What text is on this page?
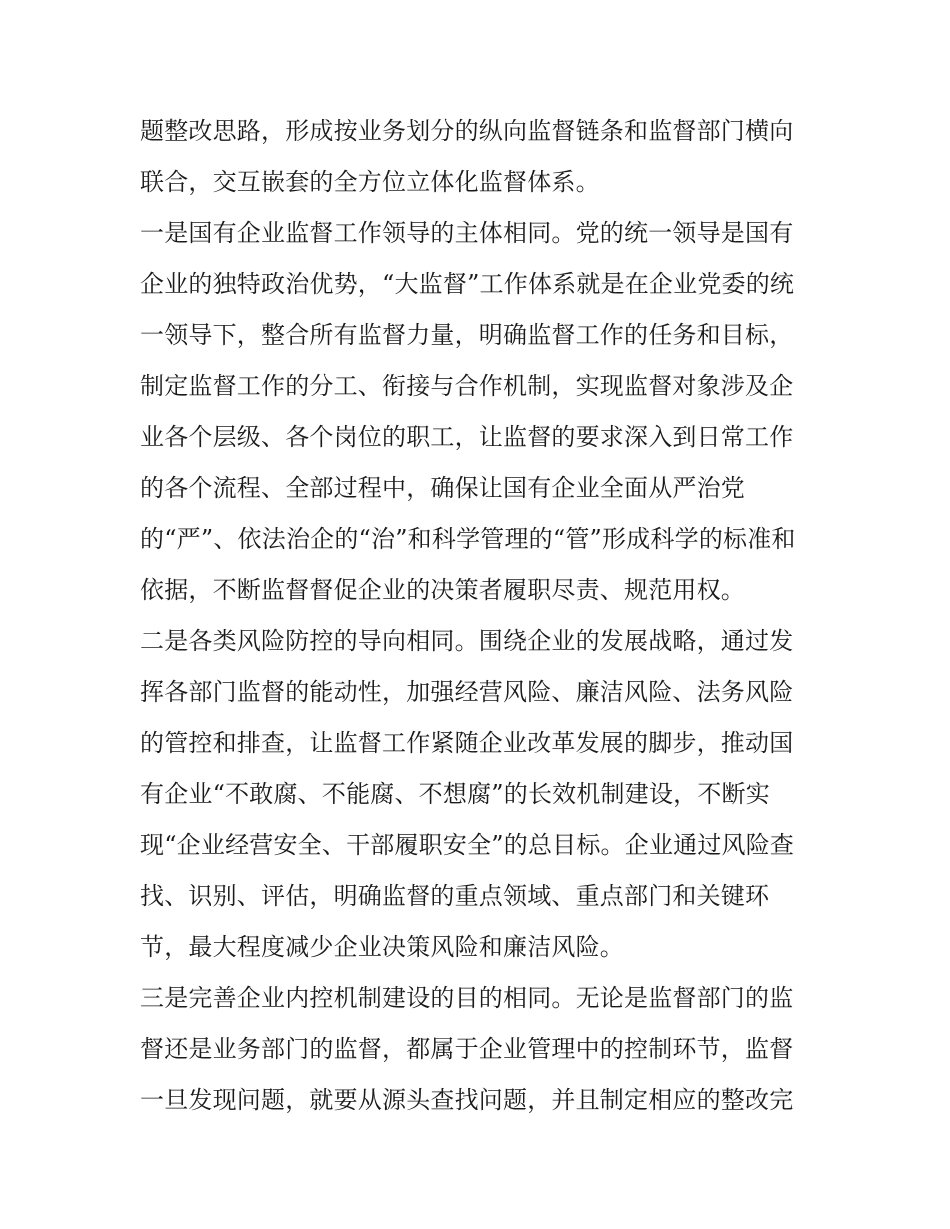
题整改思路，形成按业务划分的纵向监督链条和监督部门横向
联合，交互嵌套的全方位立体化监督体系。
一是国有企业监督工作领导的主体相同。党的统一领导是国有
企业的独特政治优势，“大监督”工作体系就是在企业党委的统
一领导下，整合所有监督力量，明确监督工作的任务和目标，
制定监督工作的分工、衔接与合作机制，实现监督对象涉及企
业各个层级、各个岗位的职工，让监督的要求深入到日常工作
的各个流程、全部过程中，确保让国有企业全面从严治党
的“严”、依法治企的“治”和科学管理的“管”形成科学的标准和
依据，不断监督督促企业的决策者履职尽责、规范用权。
二是各类风险防控的导向相同。围绕企业的发展战略，通过发
挥各部门监督的能动性，加强经营风险、廉洁风险、法务风险
的管控和排查，让监督工作紧随企业改革发展的脚步，推动国
有企业“不敢腐、不能腐、不想腐”的长效机制建设，不断实
现“企业经营安全、干部履职安全”的总目标。企业通过风险查
找、识别、评估，明确监督的重点领域、重点部门和关键环
节，最大程度减少企业决策风险和廉洁风险。
三是完善企业内控机制建设的目的相同。无论是监督部门的监
督还是业务部门的监督，都属于企业管理中的控制环节，监督
一旦发现问题，就要从源头查找问题，并且制定相应的整改完
